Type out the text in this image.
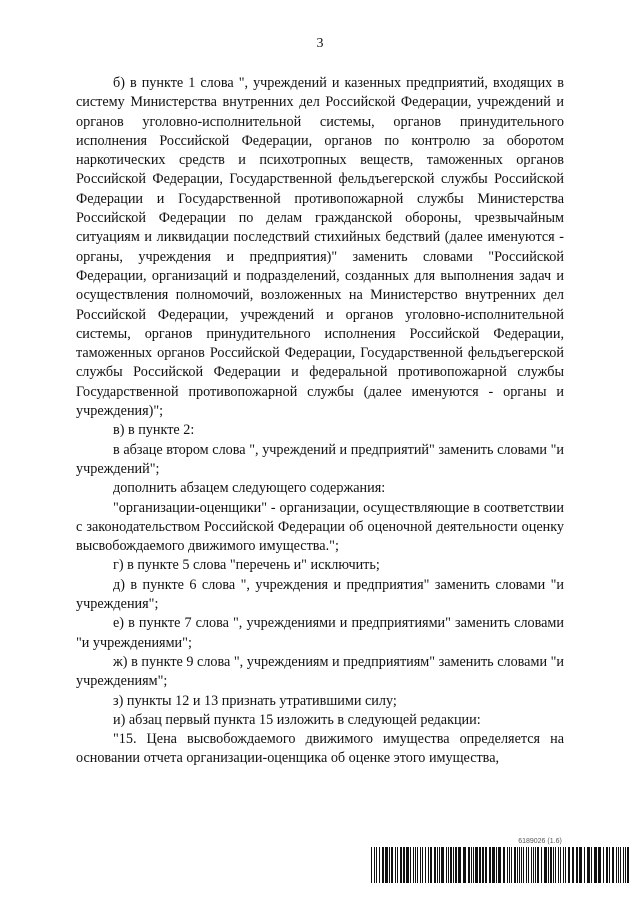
3

б) в пункте 1 слова ", учреждений и казенных предприятий, входящих в систему Министерства внутренних дел Российской Федерации, учреждений и органов уголовно-исполнительной системы, органов принудительного исполнения Российской Федерации, органов по контролю за оборотом наркотических средств и психотропных веществ, таможенных органов Российской Федерации, Государственной фельдъегерской службы Российской Федерации и Государственной противопожарной службы Министерства Российской Федерации по делам гражданской обороны, чрезвычайным ситуациям и ликвидации последствий стихийных бедствий (далее именуются - органы, учреждения и предприятия)" заменить словами "Российской Федерации, организаций и подразделений, созданных для выполнения задач и осуществления полномочий, возложенных на Министерство внутренних дел Российской Федерации, учреждений и органов уголовно-исполнительной системы, органов принудительного исполнения Российской Федерации, таможенных органов Российской Федерации, Государственной фельдъегерской службы Российской Федерации и федеральной противопожарной службы Государственной противопожарной службы (далее именуются - органы и учреждения)";

в) в пункте 2:

в абзаце втором слова ", учреждений и предприятий" заменить словами "и учреждений";

дополнить абзацем следующего содержания:

"организации-оценщики" - организации, осуществляющие в соответствии с законодательством Российской Федерации об оценочной деятельности оценку высвобождаемого движимого имущества.";

г) в пункте 5 слова "перечень и" исключить;

д) в пункте 6 слова ", учреждения и предприятия" заменить словами "и учреждения";

е) в пункте 7 слова ", учреждениями и предприятиями" заменить словами "и учреждениями";

ж) в пункте 9 слова ", учреждениям и предприятиям" заменить словами "и учреждениям";

з) пункты 12 и 13 признать утратившими силу;

и) абзац первый пункта 15 изложить в следующей редакции:

"15. Цена высвобождаемого движимого имущества определяется на основании отчета организации-оценщика об оценке этого имущества,

6189026 (1.6)
